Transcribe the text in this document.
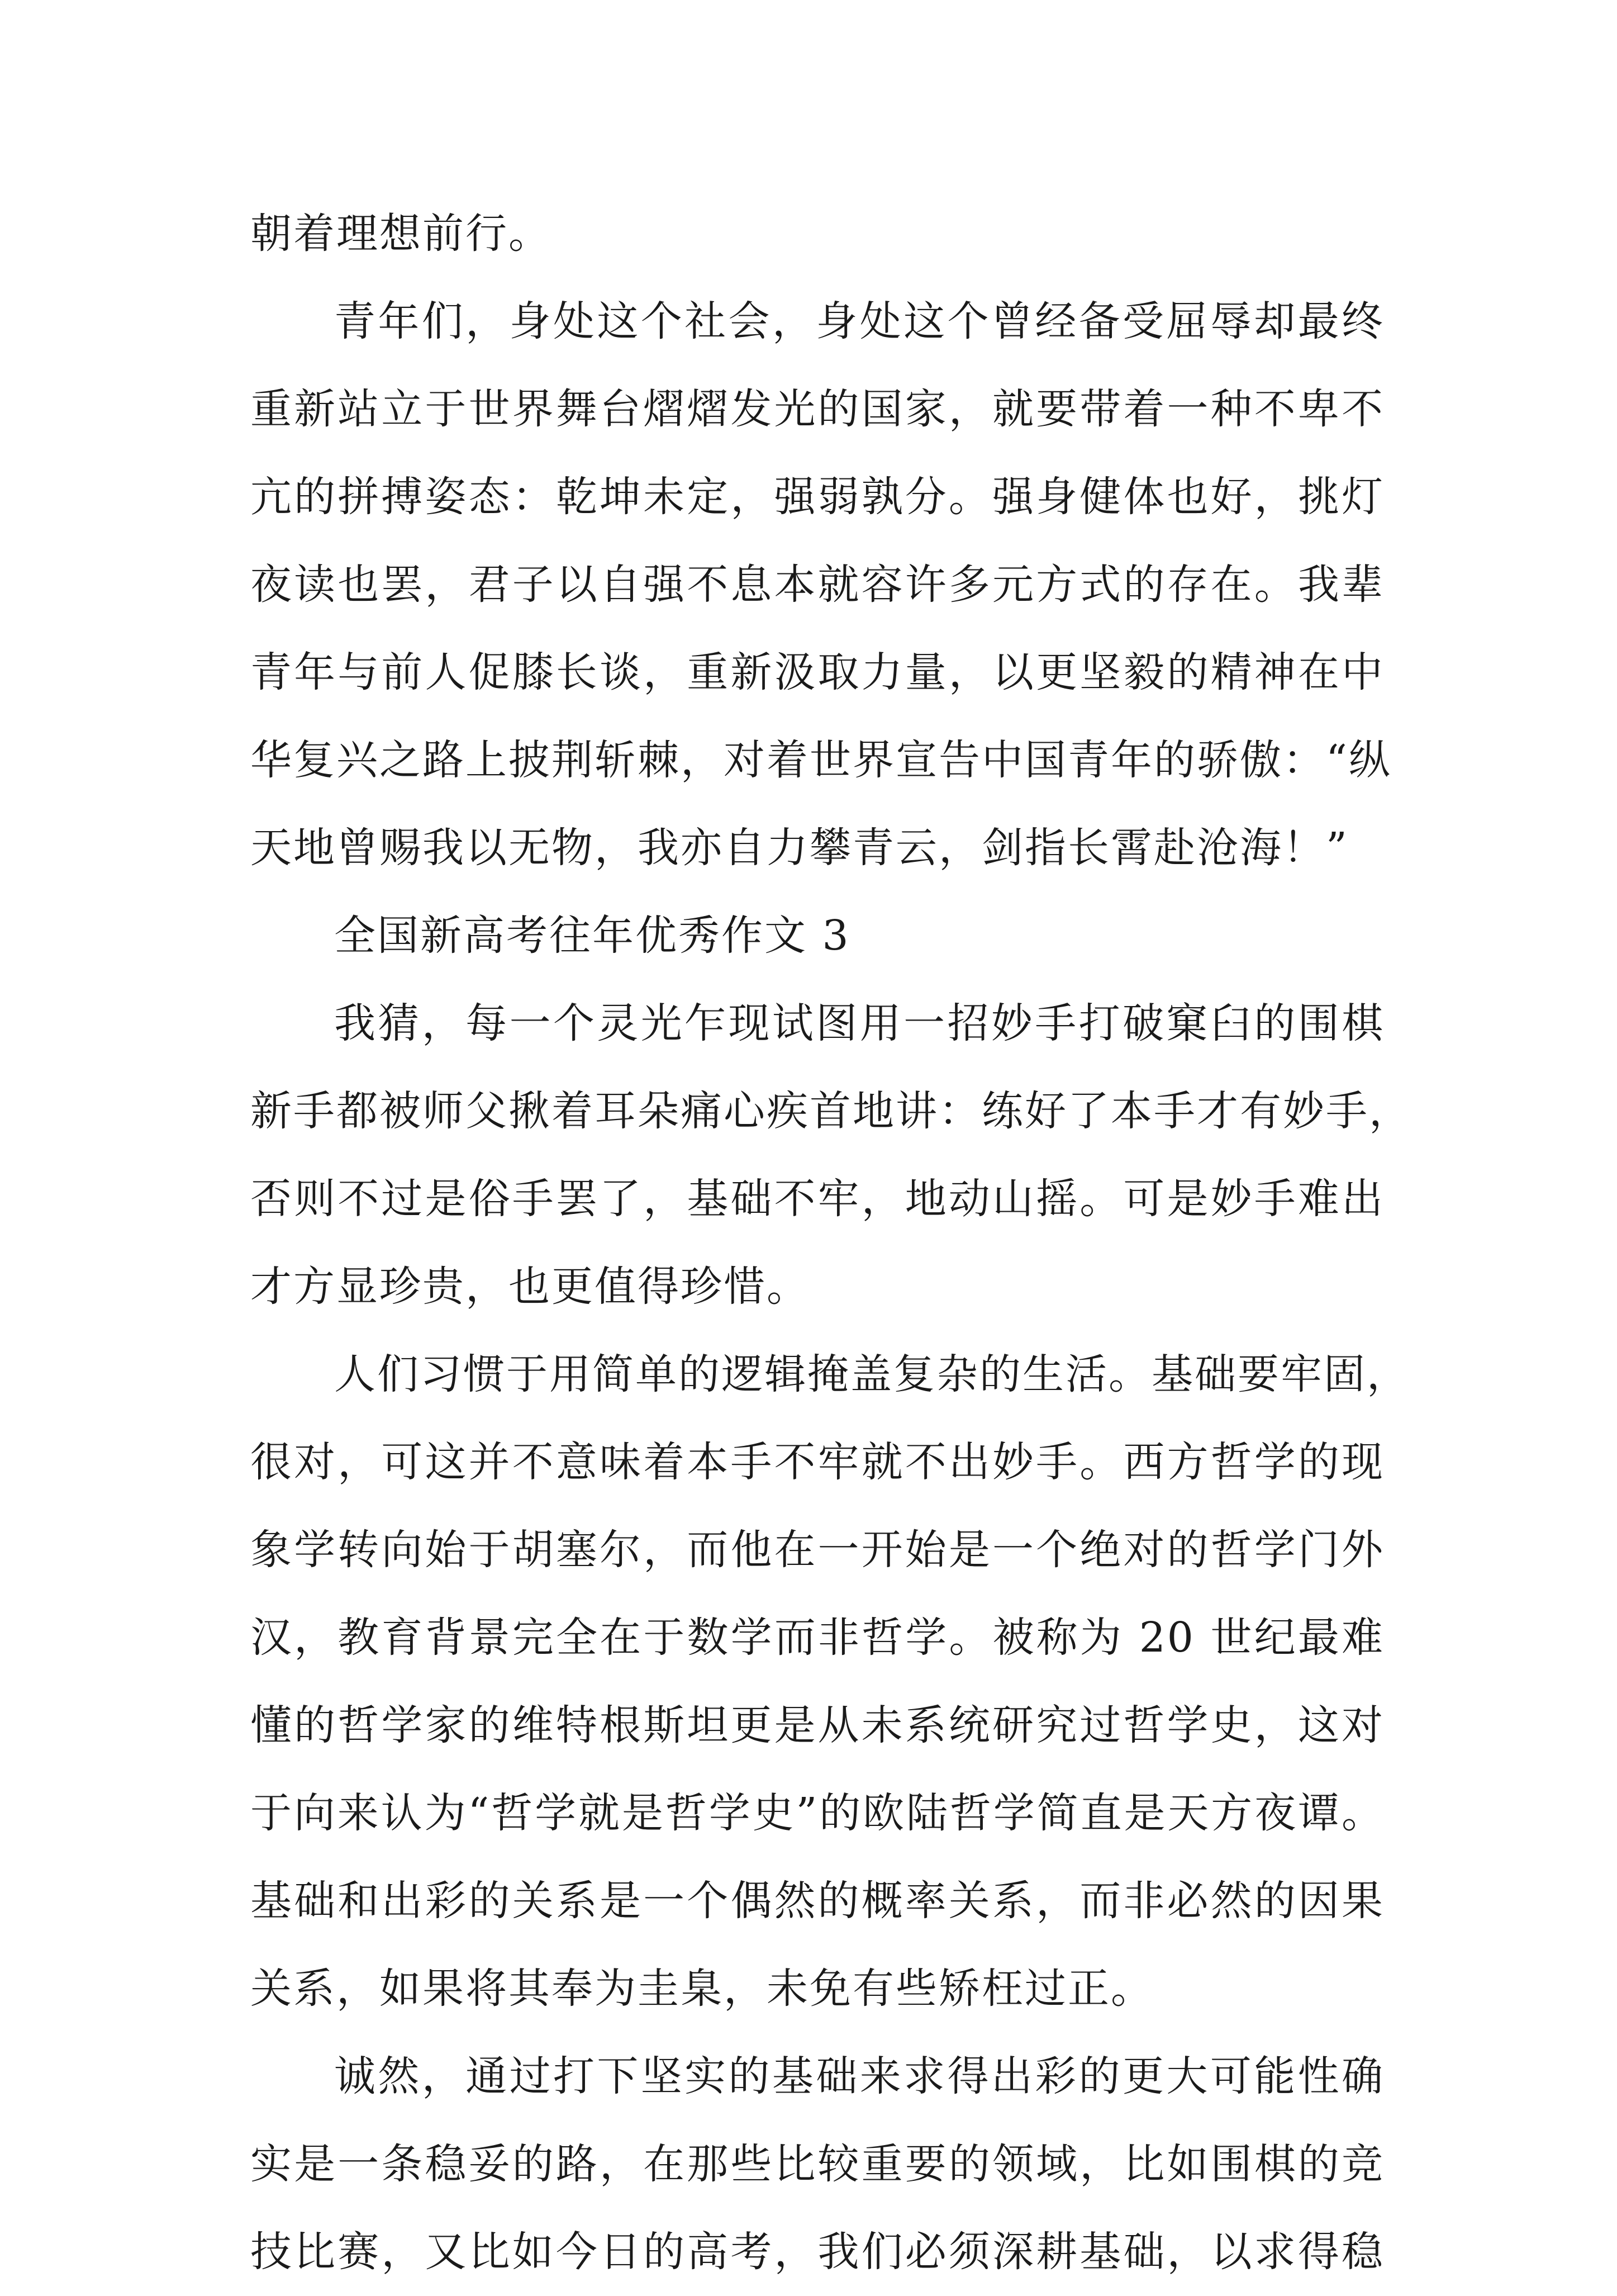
朝着理想前行。
青年们，身处这个社会，身处这个曾经备受屈辱却最终
重新站立于世界舞台熠熠发光的国家，就要带着一种不卑不
亢的拼搏姿态：乾坤未定，强弱孰分。强身健体也好，挑灯
夜读也罢，君子以自强不息本就容许多元方式的存在。我辈
青年与前人促膝长谈，重新汲取力量，以更坚毅的精神在中
华复兴之路上披荆斩棘，对着世界宣告中国青年的骄傲：“纵
天地曾赐我以无物，我亦自力攀青云，剑指长霄赴沧海！”
全国新高考往年优秀作文 3
我猜，每一个灵光乍现试图用一招妙手打破窠臼的围棋
新手都被师父揪着耳朵痛心疾首地讲：练好了本手才有妙手，
否则不过是俗手罢了，基础不牢，地动山摇。可是妙手难出
才方显珍贵，也更值得珍惜。
人们习惯于用简单的逻辑掩盖复杂的生活。基础要牢固，
很对，可这并不意味着本手不牢就不出妙手。西方哲学的现
象学转向始于胡塞尔，而他在一开始是一个绝对的哲学门外
汉，教育背景完全在于数学而非哲学。被称为 20 世纪最难
懂的哲学家的维特根斯坦更是从未系统研究过哲学史，这对
于向来认为“哲学就是哲学史”的欧陆哲学简直是天方夜谭。
基础和出彩的关系是一个偶然的概率关系，而非必然的因果
关系，如果将其奉为圭臬，未免有些矫枉过正。
诚然，通过打下坚实的基础来求得出彩的更大可能性确
实是一条稳妥的路，在那些比较重要的领域，比如围棋的竞
技比赛，又比如今日的高考，我们必须深耕基础，以求得稳
